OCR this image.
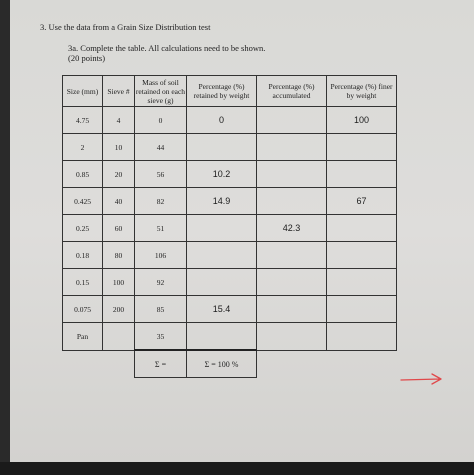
3. Use the data from a Grain Size Distribution test
3a. Complete the table. All calculations need to be shown.
(20 points)
Size (mm)	Sieve #	Mass of soil retained on each sieve (g)	Percentage (%) retained by weight	Percentage (%) accumulated	Percentage (%) finer by weight
4.75	4	0	0		100
2	10	44			
0.85	20	56	10.2		
0.425	40	82	14.9		67
0.25	60	51		42.3	
0.18	80	106			
0.15	100	92			
0.075	200	85	15.4		
Pan		35			
		Σ =	Σ = 100 %		
